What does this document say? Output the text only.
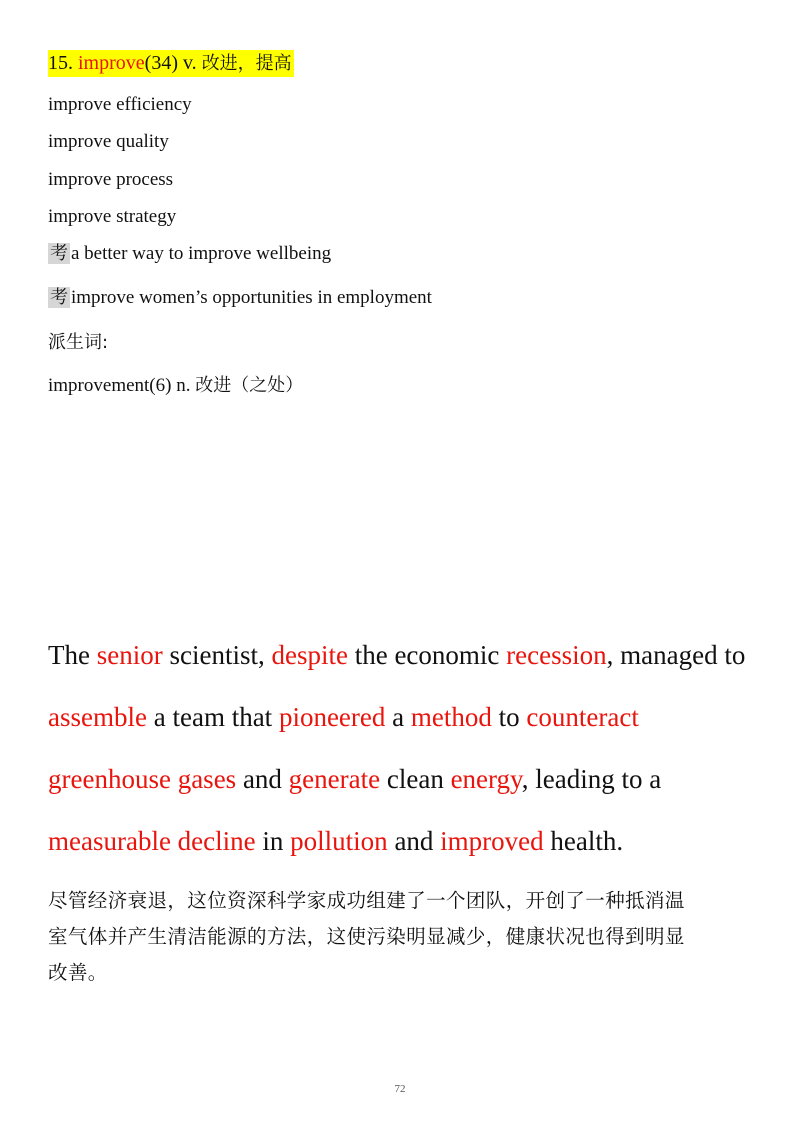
15. improve(34) v. 改进，提高
improve efficiency
improve quality
improve process
improve strategy
考 a better way to improve wellbeing
考 improve women’s opportunities in employment
派生词:
improvement(6) n. 改进（之处）
The senior scientist, despite the economic recession, managed to
assemble a team that pioneered a method to counteract
greenhouse gases and generate clean energy, leading to a
measurable decline in pollution and improved health.
尽管经济衰退，这位资深科学家成功组建了一个团队，开创了一种抵消温
室气体并产生清洁能源的方法，这使污染明显减少，健康状况也得到明显
改善。
72
